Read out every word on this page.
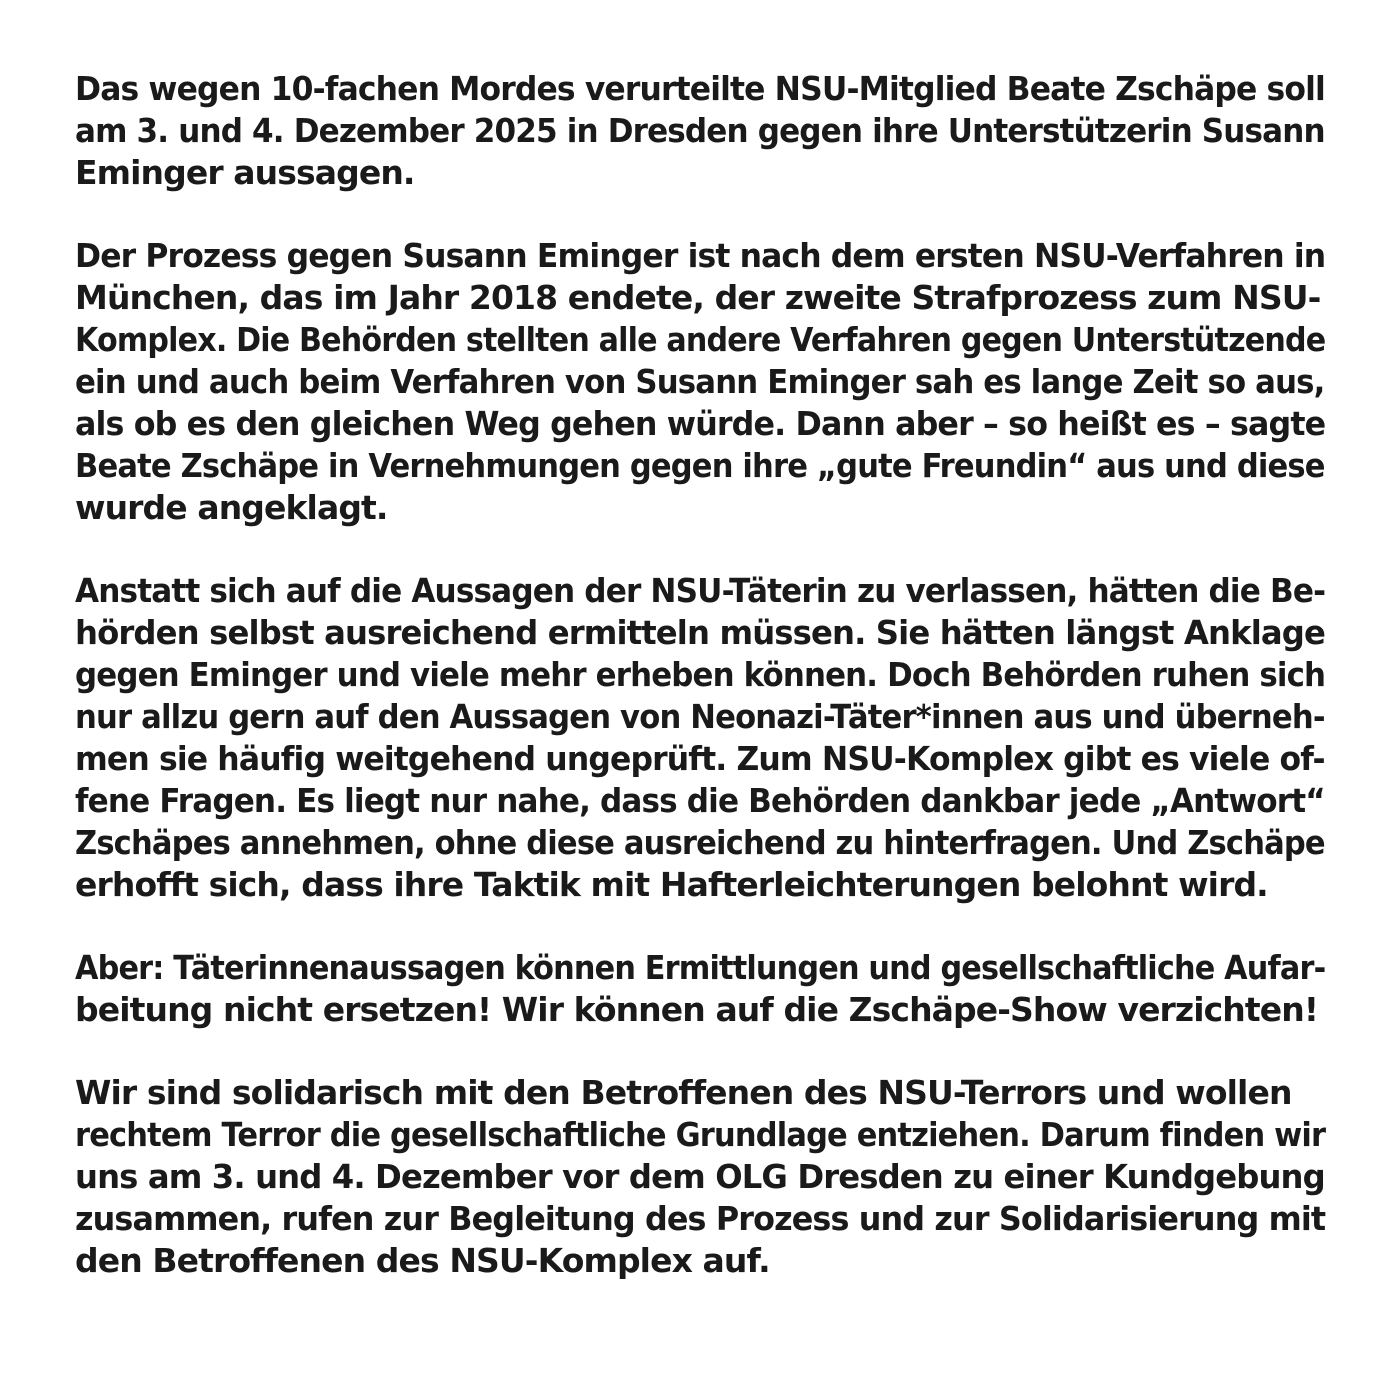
Das wegen 10-fachen Mordes verurteilte NSU-Mitglied Beate Zschäpe soll
am 3. und 4. Dezember 2025 in Dresden gegen ihre Unterstützerin Susann
Eminger aussagen.

Der Prozess gegen Susann Eminger ist nach dem ersten NSU-Verfahren in
München, das im Jahr 2018 endete, der zweite Strafprozess zum NSU-
Komplex. Die Behörden stellten alle andere Verfahren gegen Unterstützende
ein und auch beim Verfahren von Susann Eminger sah es lange Zeit so aus,
als ob es den gleichen Weg gehen würde. Dann aber – so heißt es – sagte
Beate Zschäpe in Vernehmungen gegen ihre „gute Freundin“ aus und diese
wurde angeklagt.

Anstatt sich auf die Aussagen der NSU-Täterin zu verlassen, hätten die Be-
hörden selbst ausreichend ermitteln müssen. Sie hätten längst Anklage
gegen Eminger und viele mehr erheben können. Doch Behörden ruhen sich
nur allzu gern auf den Aussagen von Neonazi-Täter*innen aus und überneh-
men sie häufig weitgehend ungeprüft. Zum NSU-Komplex gibt es viele of-
fene Fragen. Es liegt nur nahe, dass die Behörden dankbar jede „Antwort“
Zschäpes annehmen, ohne diese ausreichend zu hinterfragen. Und Zschäpe
erhofft sich, dass ihre Taktik mit Hafterleichterungen belohnt wird.

Aber: Täterinnenaussagen können Ermittlungen und gesellschaftliche Aufar-
beitung nicht ersetzen! Wir können auf die Zschäpe-Show verzichten!

Wir sind solidarisch mit den Betroffenen des NSU-Terrors und wollen
rechtem Terror die gesellschaftliche Grundlage entziehen. Darum finden wir
uns am 3. und 4. Dezember vor dem OLG Dresden zu einer Kundgebung
zusammen, rufen zur Begleitung des Prozess und zur Solidarisierung mit
den Betroffenen des NSU-Komplex auf.
